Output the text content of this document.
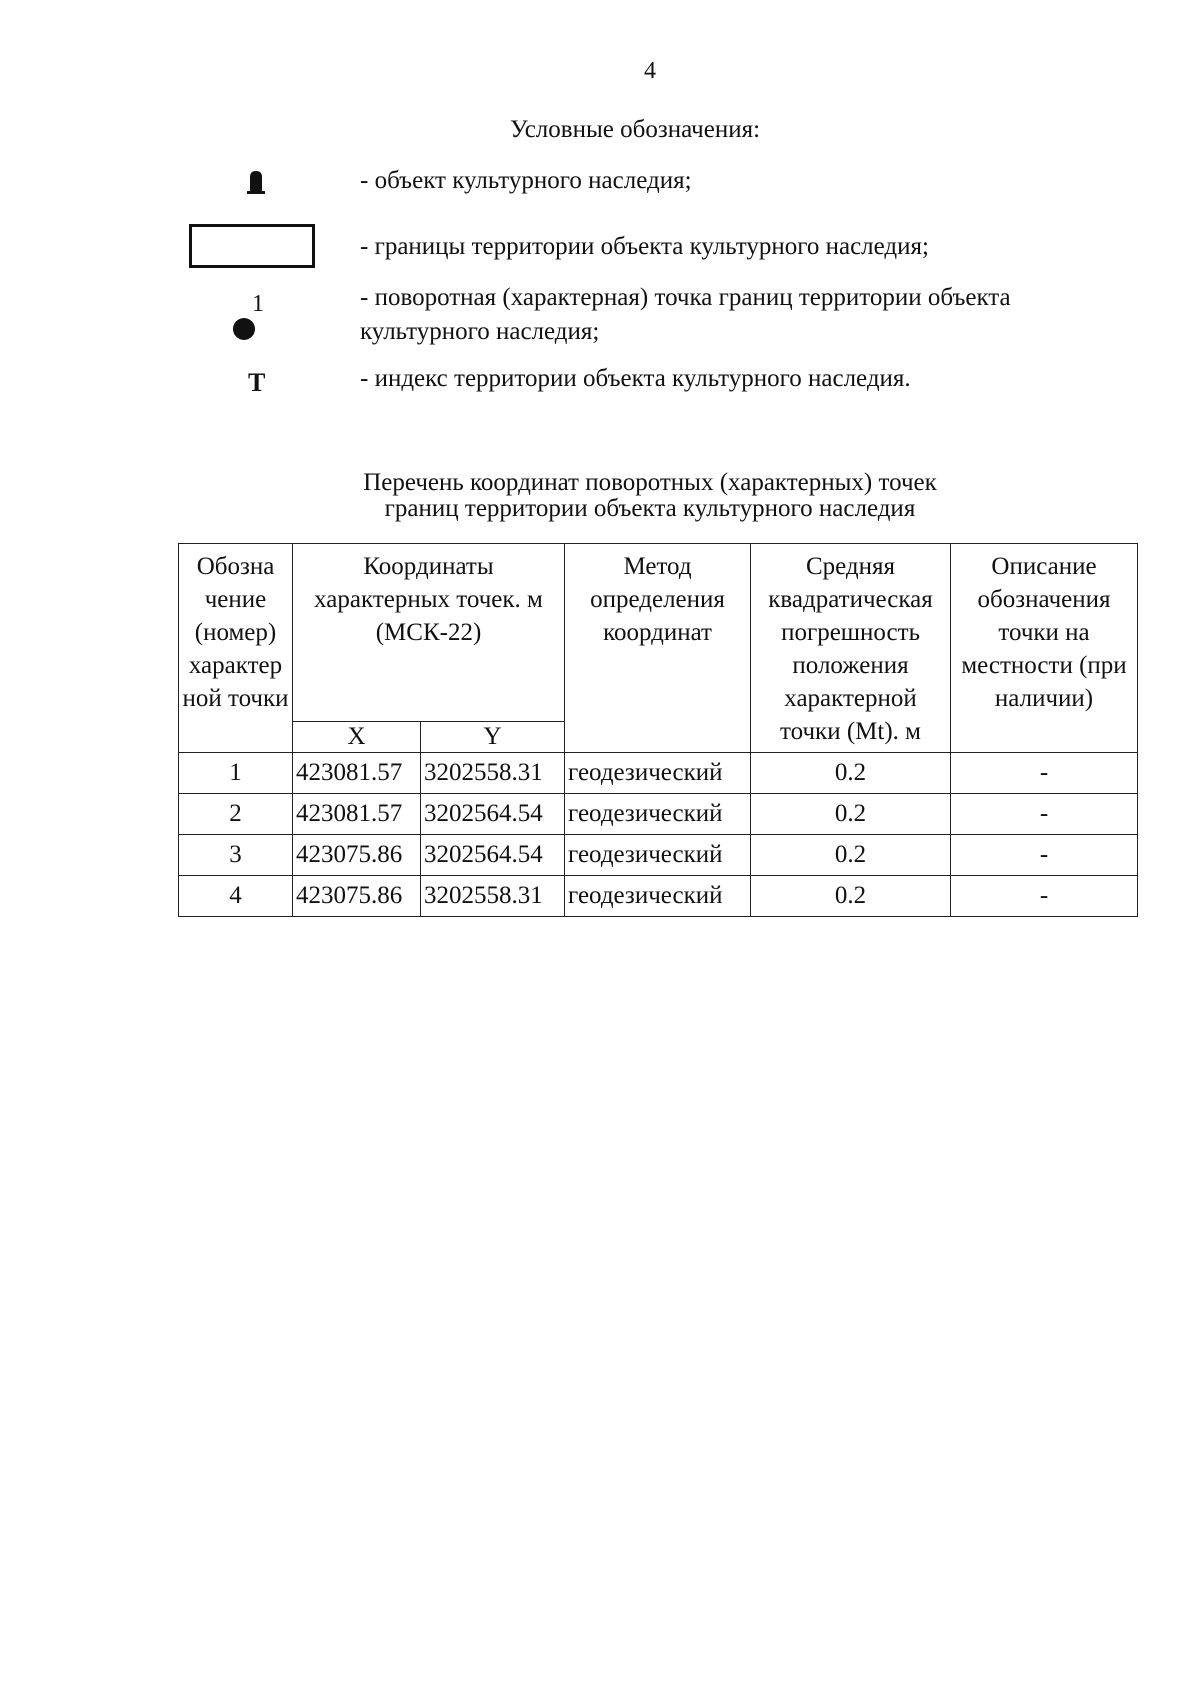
4
Условные обозначения:
- объект культурного наследия;
- границы территории объекта культурного наследия;
1	- поворотная (характерная) точка границ территории объекта культурного наследия;
Т	- индекс территории объекта культурного наследия.
Перечень координат поворотных (характерных) точек
границ территории объекта культурного наследия
Обозна чение (номер) характер ной точки	Координаты характерных точек. м (МСК-22)		Метод определения координат	Средняя квадратическая погрешность положения характерной точки (Mt). м	Описание обозначения точки на местности (при наличии)
	X	Y			
1	423081.57	3202558.31	геодезический	0.2	-
2	423081.57	3202564.54	геодезический	0.2	-
3	423075.86	3202564.54	геодезический	0.2	-
4	423075.86	3202558.31	геодезический	0.2	-
